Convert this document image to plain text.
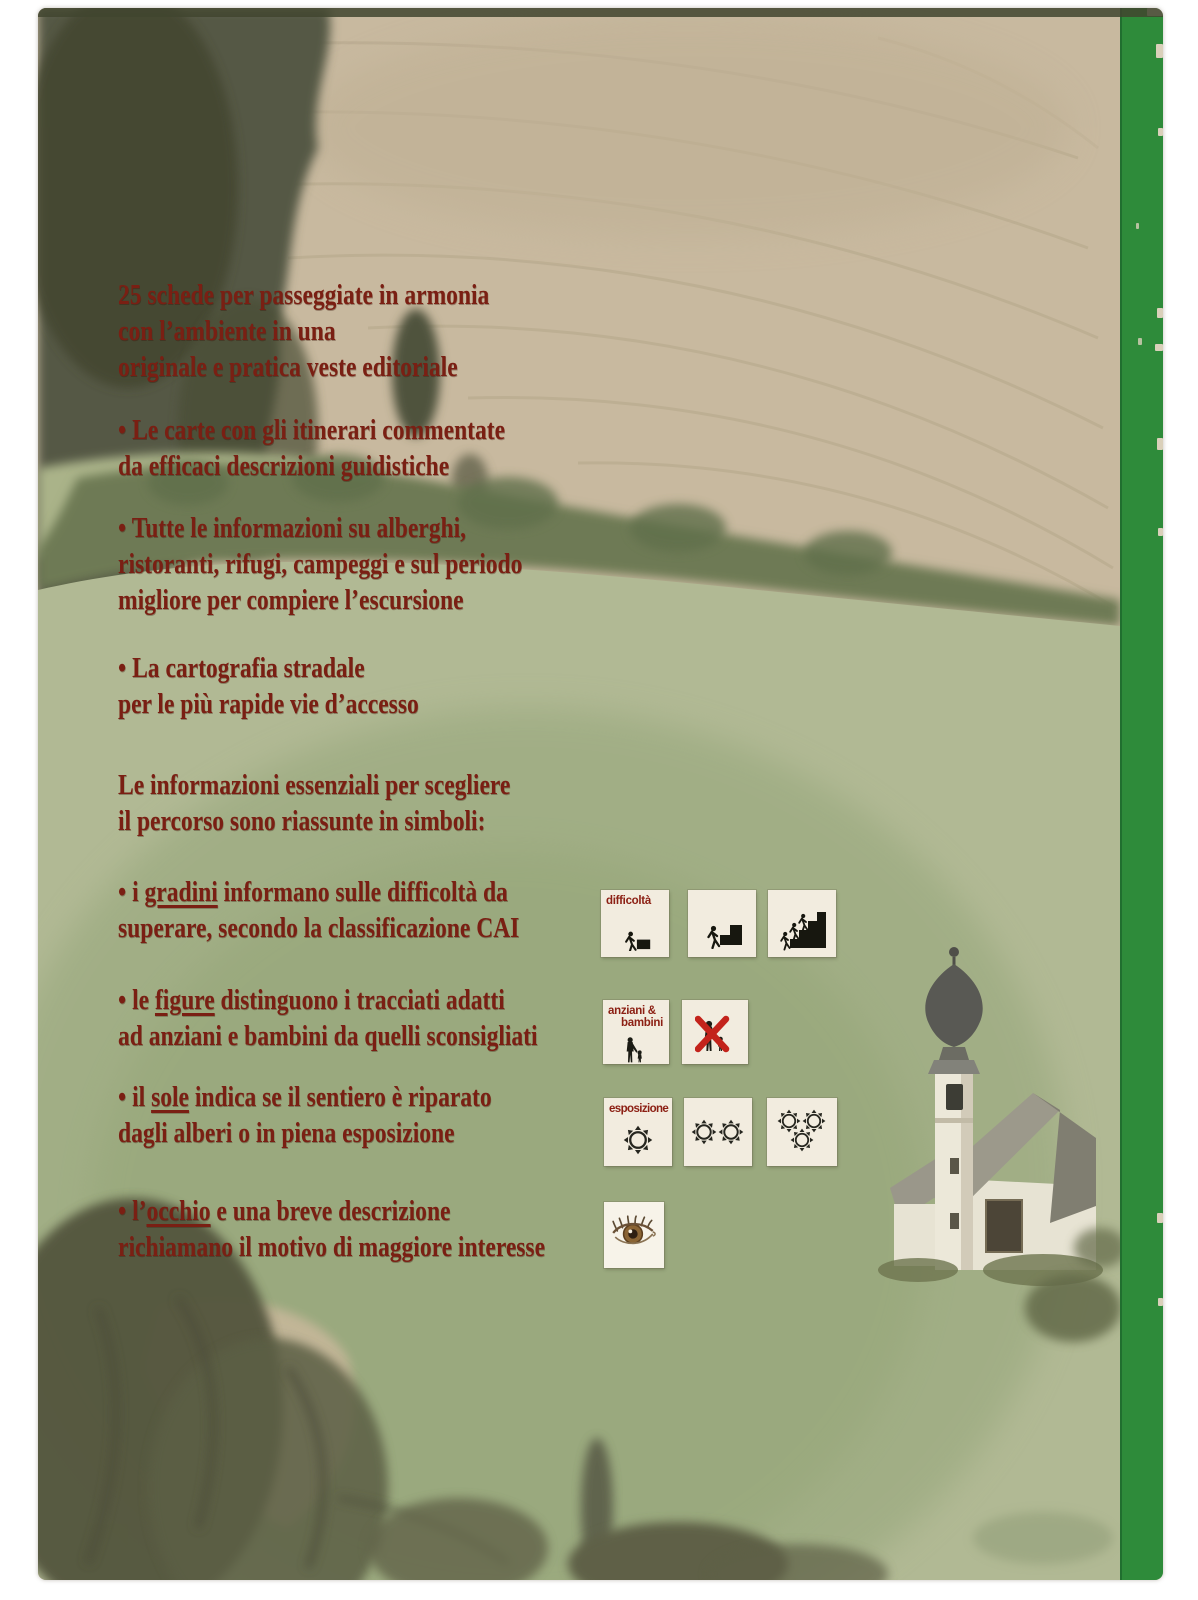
25 schede per passeggiate in armonia
con l’ambiente in una
originale e pratica veste editoriale
• Le carte con gli itinerari commentate
da efficaci descrizioni guidistiche
• Tutte le informazioni su alberghi,
ristoranti, rifugi, campeggi e sul periodo
migliore per compiere l’escursione
• La cartografia stradale
per le più rapide vie d’accesso
Le informazioni essenziali per scegliere
il percorso sono riassunte in simboli:
• i gradini informano sulle difficoltà da
superare, secondo la classificazione CAI
• le figure distinguono i tracciati adatti
ad anziani e bambini da quelli sconsigliati
• il sole indica se il sentiero è riparato
dagli alberi o in piena esposizione
• l’occhio e una breve descrizione
richiamano il motivo di maggiore interesse
difficoltà
anziani &
bambini
esposizione
